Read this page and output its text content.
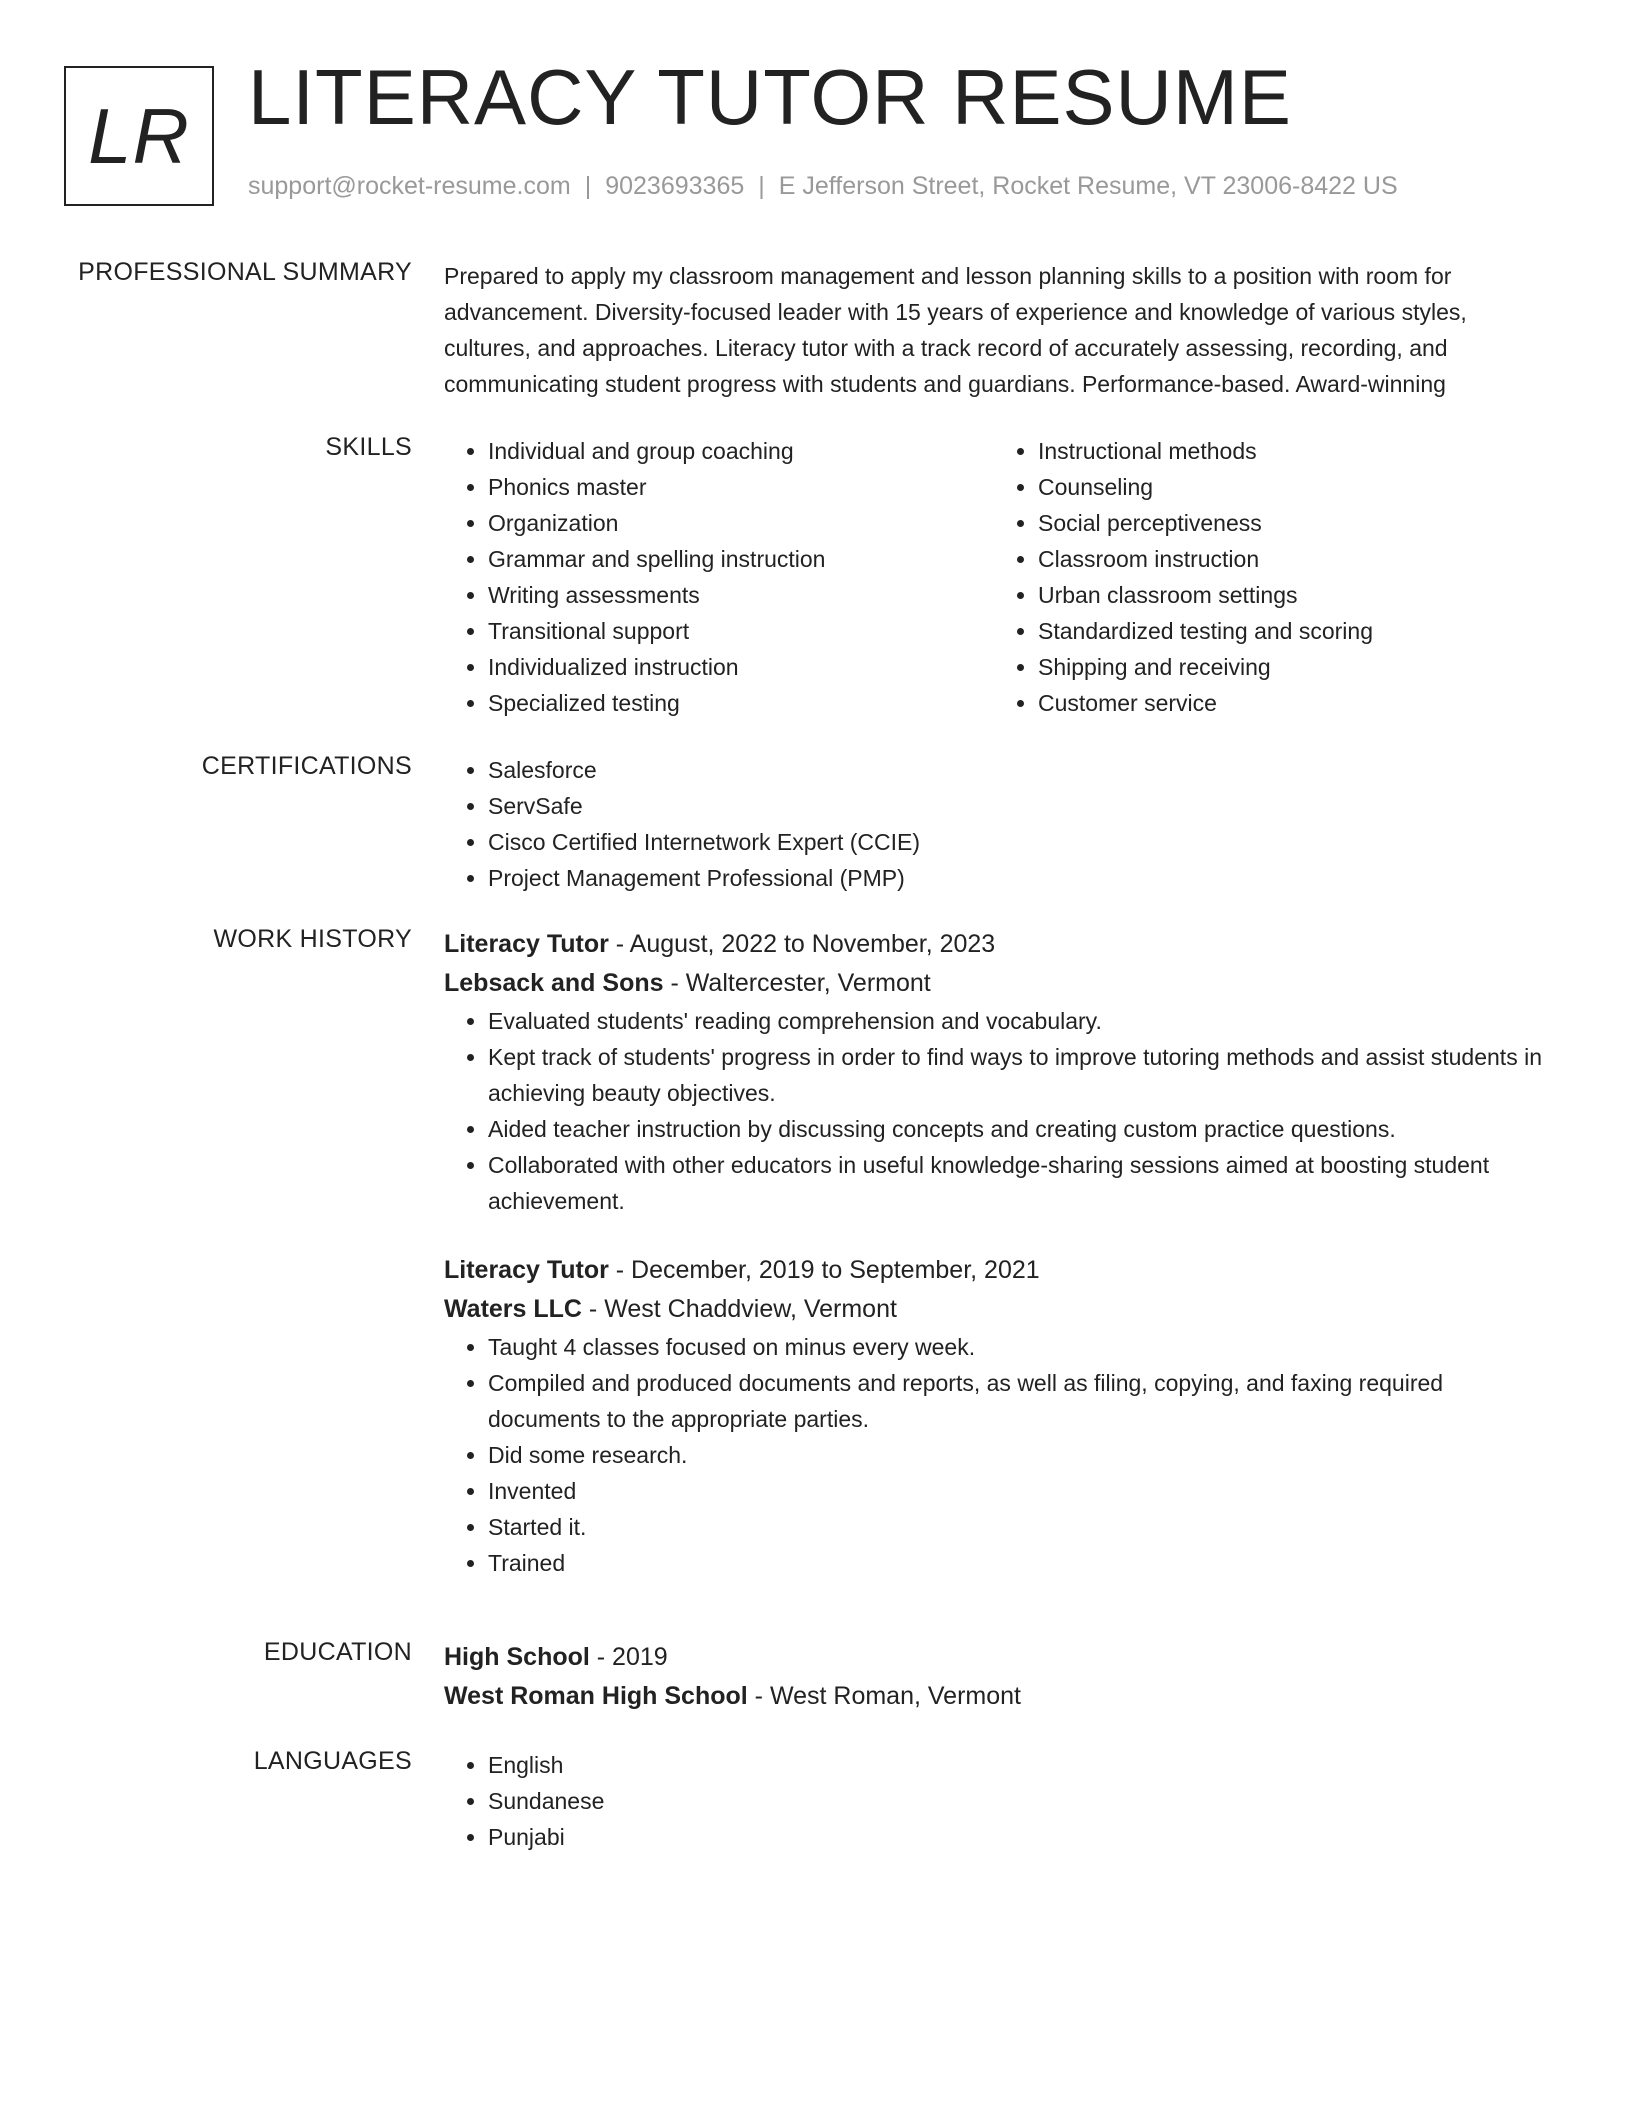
LR LITERACY TUTOR RESUME
support@rocket-resume.com | 9023693365 | E Jefferson Street, Rocket Resume, VT 23006-8422 US
PROFESSIONAL SUMMARY Prepared to apply my classroom management and lesson planning skills to a position with room for advancement. Diversity-focused leader with 15 years of experience and knowledge of various styles, cultures, and approaches. Literacy tutor with a track record of accurately assessing, recording, and communicating student progress with students and guardians. Performance-based. Award-winning
SKILLS	• Individual and group coaching
• Phonics master
• Organization
• Grammar and spelling instruction
• Writing assessments
• Transitional support
• Individualized instruction
• Specialized testing
• Instructional methods
• Counseling
• Social perceptiveness
• Classroom instruction
• Urban classroom settings
• Standardized testing and scoring
• Shipping and receiving
• Customer service
CERTIFICATIONS	• Salesforce
• ServSafe
• Cisco Certified Internetwork Expert (CCIE)
• Project Management Professional (PMP)
WORK HISTORY Literacy Tutor - August, 2022 to November, 2023
Lebsack and Sons - Waltercester, Vermont
• Evaluated students' reading comprehension and vocabulary.
• Kept track of students' progress in order to find ways to improve tutoring methods and assist students in achieving beauty objectives.
• Aided teacher instruction by discussing concepts and creating custom practice questions.
• Collaborated with other educators in useful knowledge-sharing sessions aimed at boosting student achievement.
Literacy Tutor - December, 2019 to September, 2021
Waters LLC - West Chaddview, Vermont
• Taught 4 classes focused on minus every week.
• Compiled and produced documents and reports, as well as filing, copying, and faxing required documents to the appropriate parties.
• Did some research.
• Invented
• Started it.
• Trained
EDUCATION High School - 2019
West Roman High School - West Roman, Vermont
LANGUAGES	• English
• Sundanese
• Punjabi
